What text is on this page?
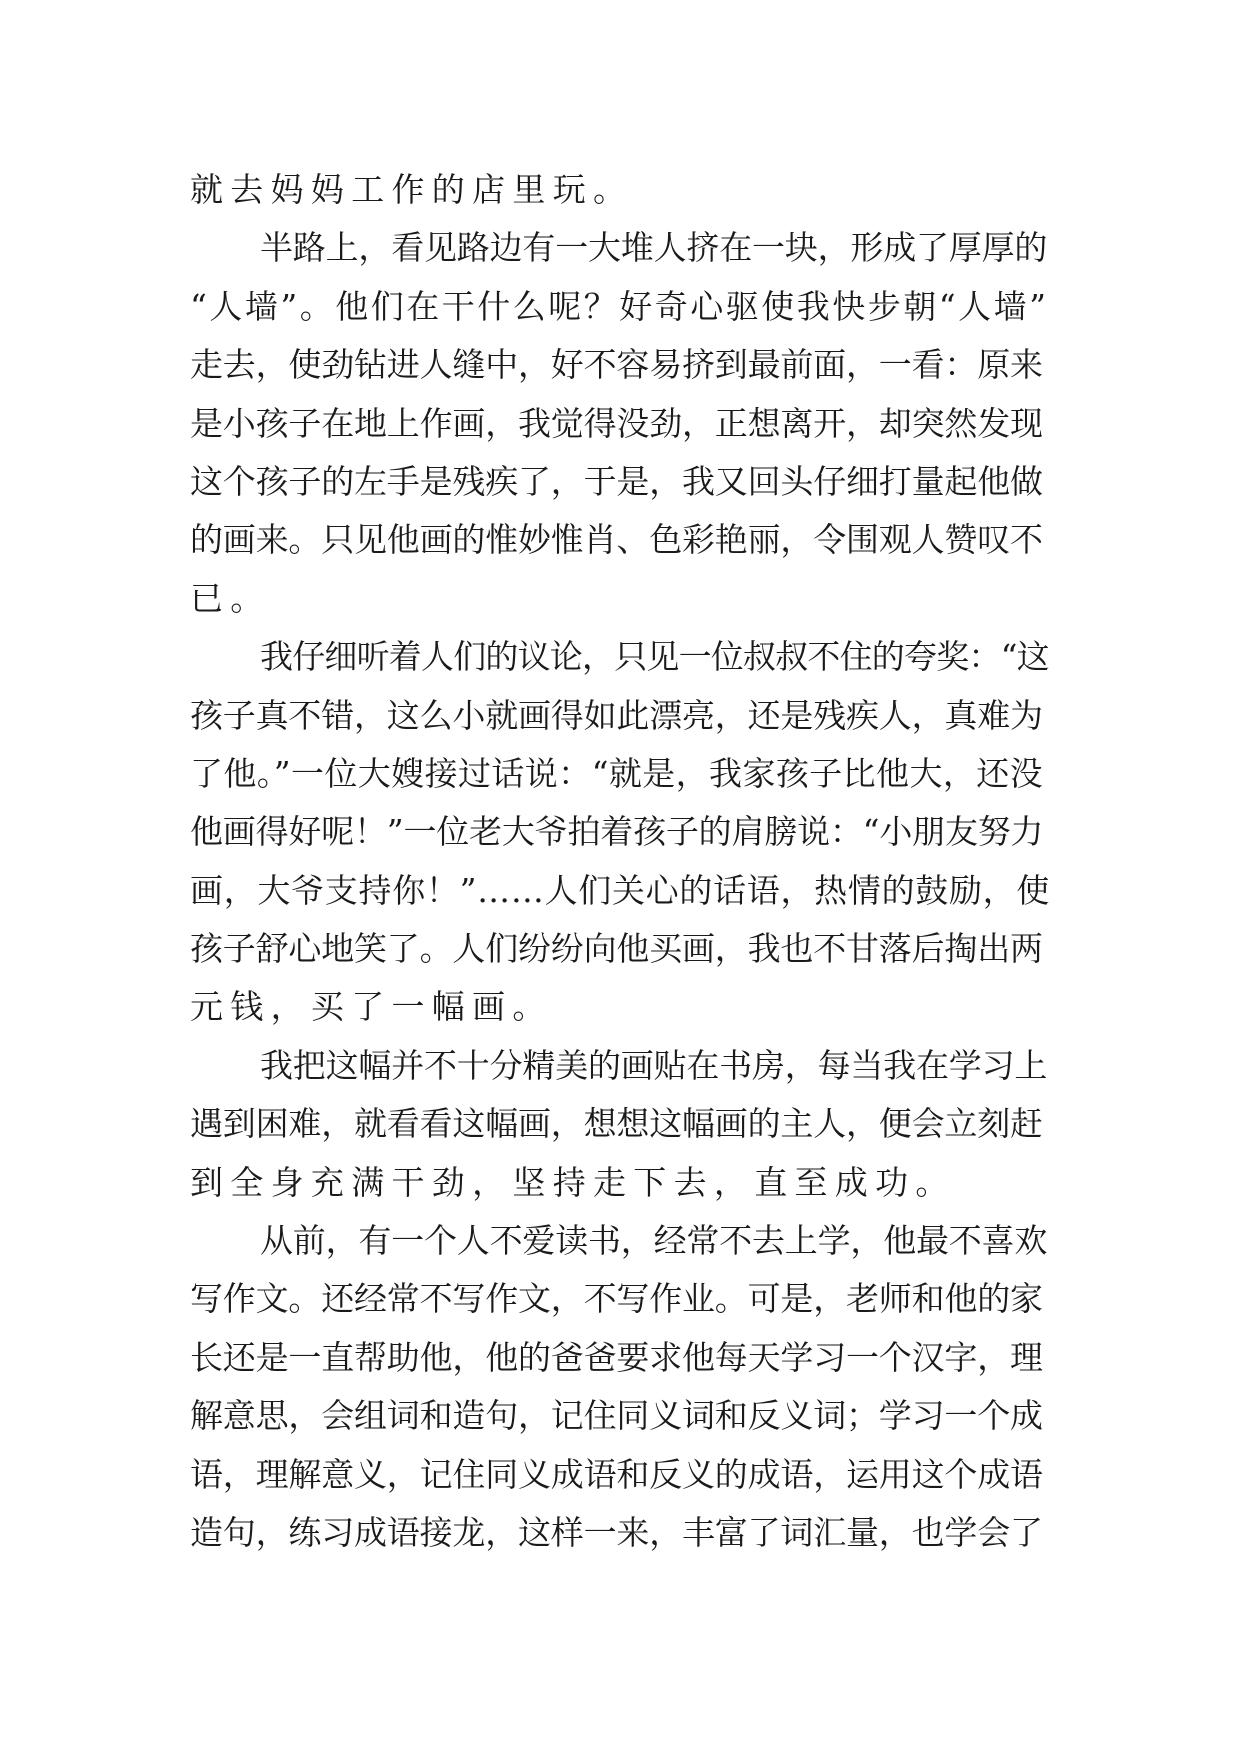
就去妈妈工作的店里玩。
半路上，看见路边有一大堆人挤在一块，形成了厚厚的
“人墙”。他们在干什么呢？好奇心驱使我快步朝“人墙”
走去，使劲钻进人缝中，好不容易挤到最前面，一看：原来
是小孩子在地上作画，我觉得没劲，正想离开，却突然发现
这个孩子的左手是残疾了，于是，我又回头仔细打量起他做
的画来。只见他画的惟妙惟肖、色彩艳丽，令围观人赞叹不
已。
我仔细听着人们的议论，只见一位叔叔不住的夸奖：“这
孩子真不错，这么小就画得如此漂亮，还是残疾人，真难为
了他。”一位大嫂接过话说：“就是，我家孩子比他大，还没
他画得好呢！”一位老大爷拍着孩子的肩膀说：“小朋友努力
画，大爷支持你！”……人们关心的话语，热情的鼓励，使
孩子舒心地笑了。人们纷纷向他买画，我也不甘落后掏出两
元钱，买了一幅画。
我把这幅并不十分精美的画贴在书房，每当我在学习上
遇到困难，就看看这幅画，想想这幅画的主人，便会立刻赶
到全身充满干劲，坚持走下去，直至成功。
从前，有一个人不爱读书，经常不去上学，他最不喜欢
写作文。还经常不写作文，不写作业。可是，老师和他的家
长还是一直帮助他，他的爸爸要求他每天学习一个汉字，理
解意思，会组词和造句，记住同义词和反义词；学习一个成
语，理解意义，记住同义成语和反义的成语，运用这个成语
造句，练习成语接龙，这样一来，丰富了词汇量，也学会了
